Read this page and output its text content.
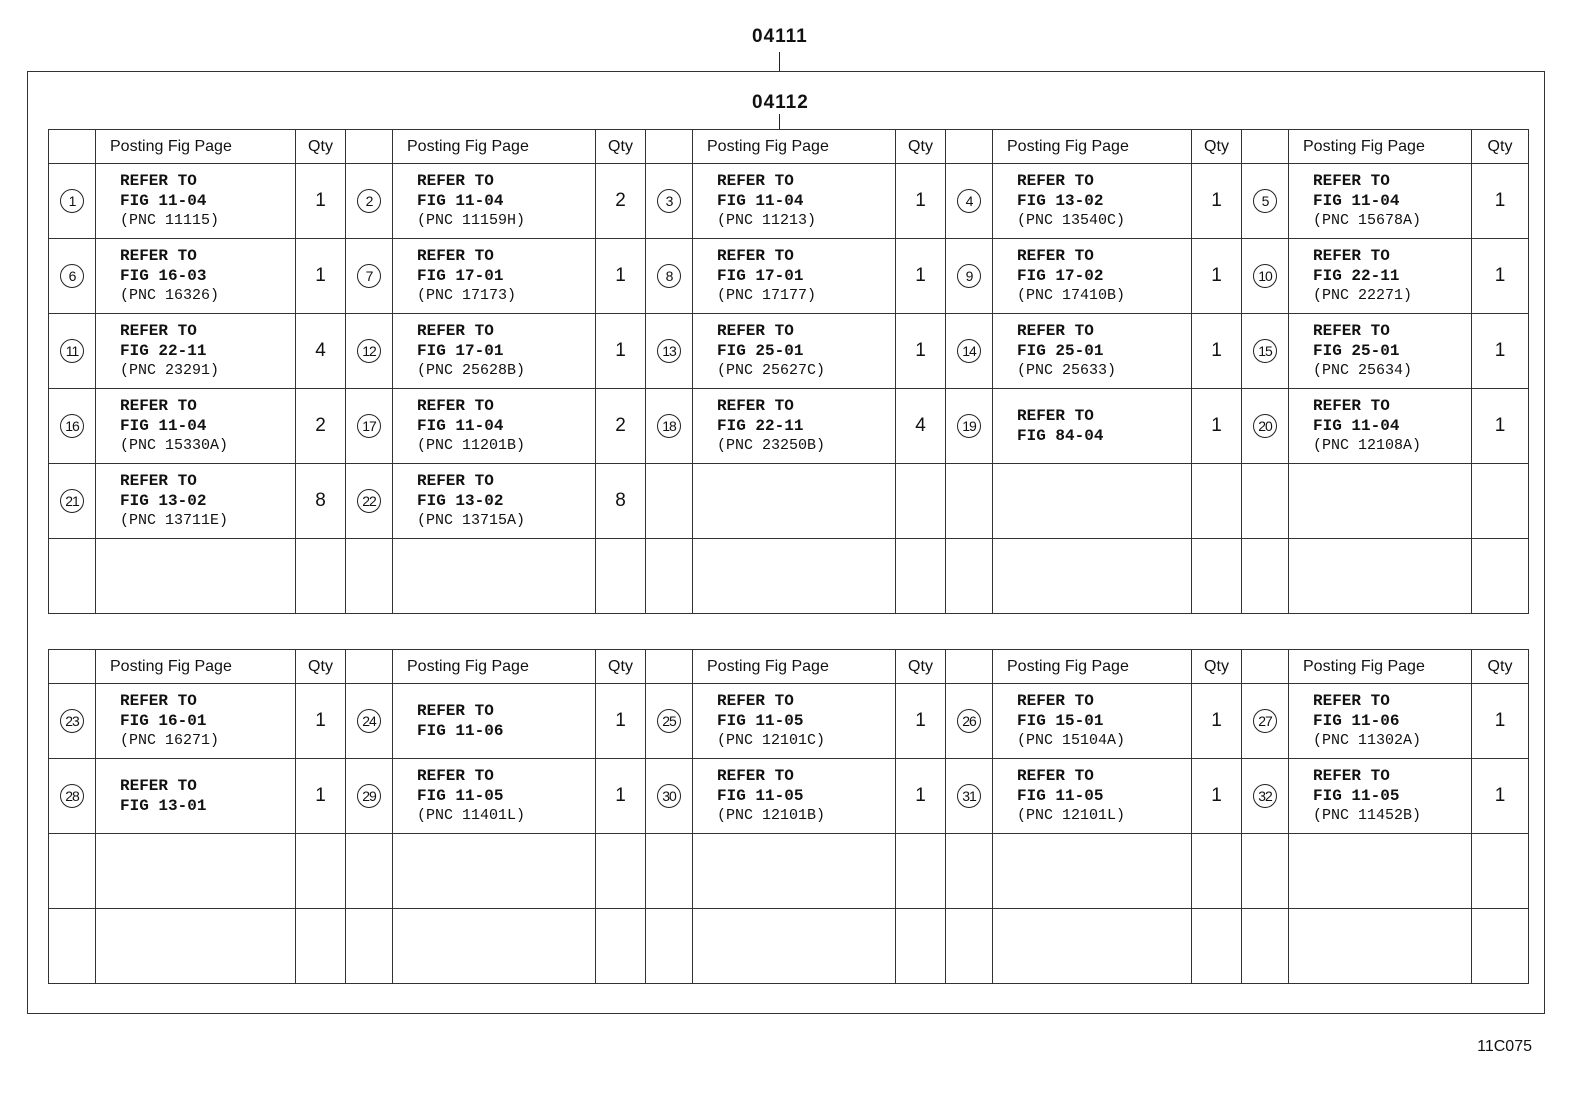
04111
04112
	Posting Fig Page	Qty		Posting Fig Page	Qty		Posting Fig Page	Qty		Posting Fig Page	Qty		Posting Fig Page	Qty
1	REFER TO
FIG 11-04
(PNC 11115)	1	2	REFER TO
FIG 11-04
(PNC 11159H)	2	3	REFER TO
FIG 11-04
(PNC 11213)	1	4	REFER TO
FIG 13-02
(PNC 13540C)	1	5	REFER TO
FIG 11-04
(PNC 15678A)	1
6	REFER TO
FIG 16-03
(PNC 16326)	1	7	REFER TO
FIG 17-01
(PNC 17173)	1	8	REFER TO
FIG 17-01
(PNC 17177)	1	9	REFER TO
FIG 17-02
(PNC 17410B)	1	10	REFER TO
FIG 22-11
(PNC 22271)	1
11	REFER TO
FIG 22-11
(PNC 23291)	4	12	REFER TO
FIG 17-01
(PNC 25628B)	1	13	REFER TO
FIG 25-01
(PNC 25627C)	1	14	REFER TO
FIG 25-01
(PNC 25633)	1	15	REFER TO
FIG 25-01
(PNC 25634)	1
16	REFER TO
FIG 11-04
(PNC 15330A)	2	17	REFER TO
FIG 11-04
(PNC 11201B)	2	18	REFER TO
FIG 22-11
(PNC 23250B)	4	19	REFER TO
FIG 84-04	1	20	REFER TO
FIG 11-04
(PNC 12108A)	1
21	REFER TO
FIG 13-02
(PNC 13711E)	8	22	REFER TO
FIG 13-02
(PNC 13715A)	8									

	Posting Fig Page	Qty		Posting Fig Page	Qty		Posting Fig Page	Qty		Posting Fig Page	Qty		Posting Fig Page	Qty
23	REFER TO
FIG 16-01
(PNC 16271)	1	24	REFER TO
FIG 11-06	1	25	REFER TO
FIG 11-05
(PNC 12101C)	1	26	REFER TO
FIG 15-01
(PNC 15104A)	1	27	REFER TO
FIG 11-06
(PNC 11302A)	1
28	REFER TO
FIG 13-01	1	29	REFER TO
FIG 11-05
(PNC 11401L)	1	30	REFER TO
FIG 11-05
(PNC 12101B)	1	31	REFER TO
FIG 11-05
(PNC 12101L)	1	32	REFER TO
FIG 11-05
(PNC 11452B)	1

11C075
